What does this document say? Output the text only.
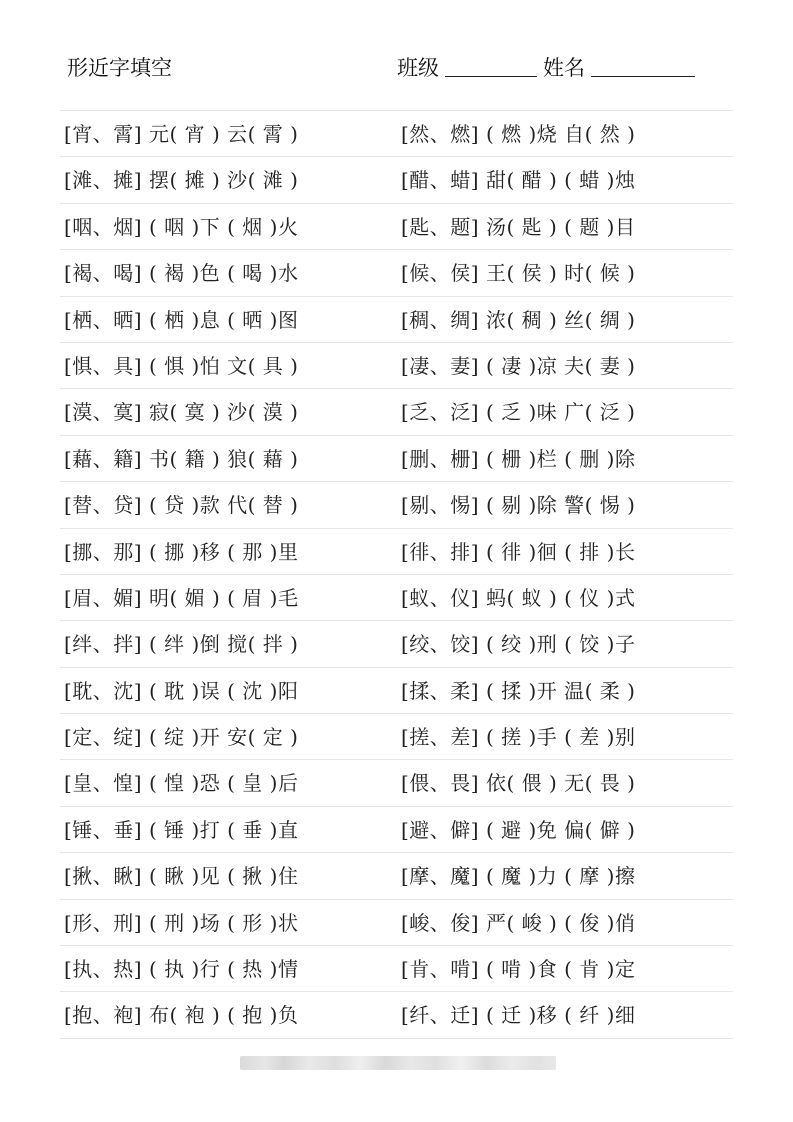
形近字填空	班级	姓名
[宵、霄] 元( 宵 ) 云( 霄 )	[然、燃] ( 燃 )烧 自( 然 )
[滩、摊] 摆( 摊 ) 沙( 滩 )	[醋、蜡] 甜( 醋 ) ( 蜡 )烛
[咽、烟] ( 咽 )下 ( 烟 )火	[匙、题] 汤( 匙 ) ( 题 )目
[褐、喝] ( 褐 )色 ( 喝 )水	[候、侯] 王( 侯 ) 时( 候 )
[栖、晒] ( 栖 )息 ( 晒 )图	[稠、绸] 浓( 稠 ) 丝( 绸 )
[惧、具] ( 惧 )怕 文( 具 )	[凄、妻] ( 凄 )凉 夫( 妻 )
[漠、寞] 寂( 寞 ) 沙( 漠 )	[乏、泛] ( 乏 )味 广( 泛 )
[藉、籍] 书( 籍 ) 狼( 藉 )	[删、栅] ( 栅 )栏 ( 删 )除
[替、贷] ( 贷 )款 代( 替 )	[剔、惕] ( 剔 )除 警( 惕 )
[挪、那] ( 挪 )移 ( 那 )里	[徘、排] ( 徘 )徊 ( 排 )长
[眉、媚] 明( 媚 ) ( 眉 )毛	[蚁、仪] 蚂( 蚁 ) ( 仪 )式
[绊、拌] ( 绊 )倒 搅( 拌 )	[绞、饺] ( 绞 )刑 ( 饺 )子
[耽、沈] ( 耽 )误 ( 沈 )阳	[揉、柔] ( 揉 )开 温( 柔 )
[定、绽] ( 绽 )开 安( 定 )	[搓、差] ( 搓 )手 ( 差 )别
[皇、惶] ( 惶 )恐 ( 皇 )后	[偎、畏] 依( 偎 ) 无( 畏 )
[锤、垂] ( 锤 )打 ( 垂 )直	[避、僻] ( 避 )免 偏( 僻 )
[揪、瞅] ( 瞅 )见 ( 揪 )住	[摩、魔] ( 魔 )力 ( 摩 )擦
[形、刑] ( 刑 )场 ( 形 )状	[峻、俊] 严( 峻 ) ( 俊 )俏
[执、热] ( 执 )行 ( 热 )情	[肯、啃] ( 啃 )食 ( 肯 )定
[抱、袍] 布( 袍 ) ( 抱 )负	[纤、迁] ( 迁 )移 ( 纤 )细
